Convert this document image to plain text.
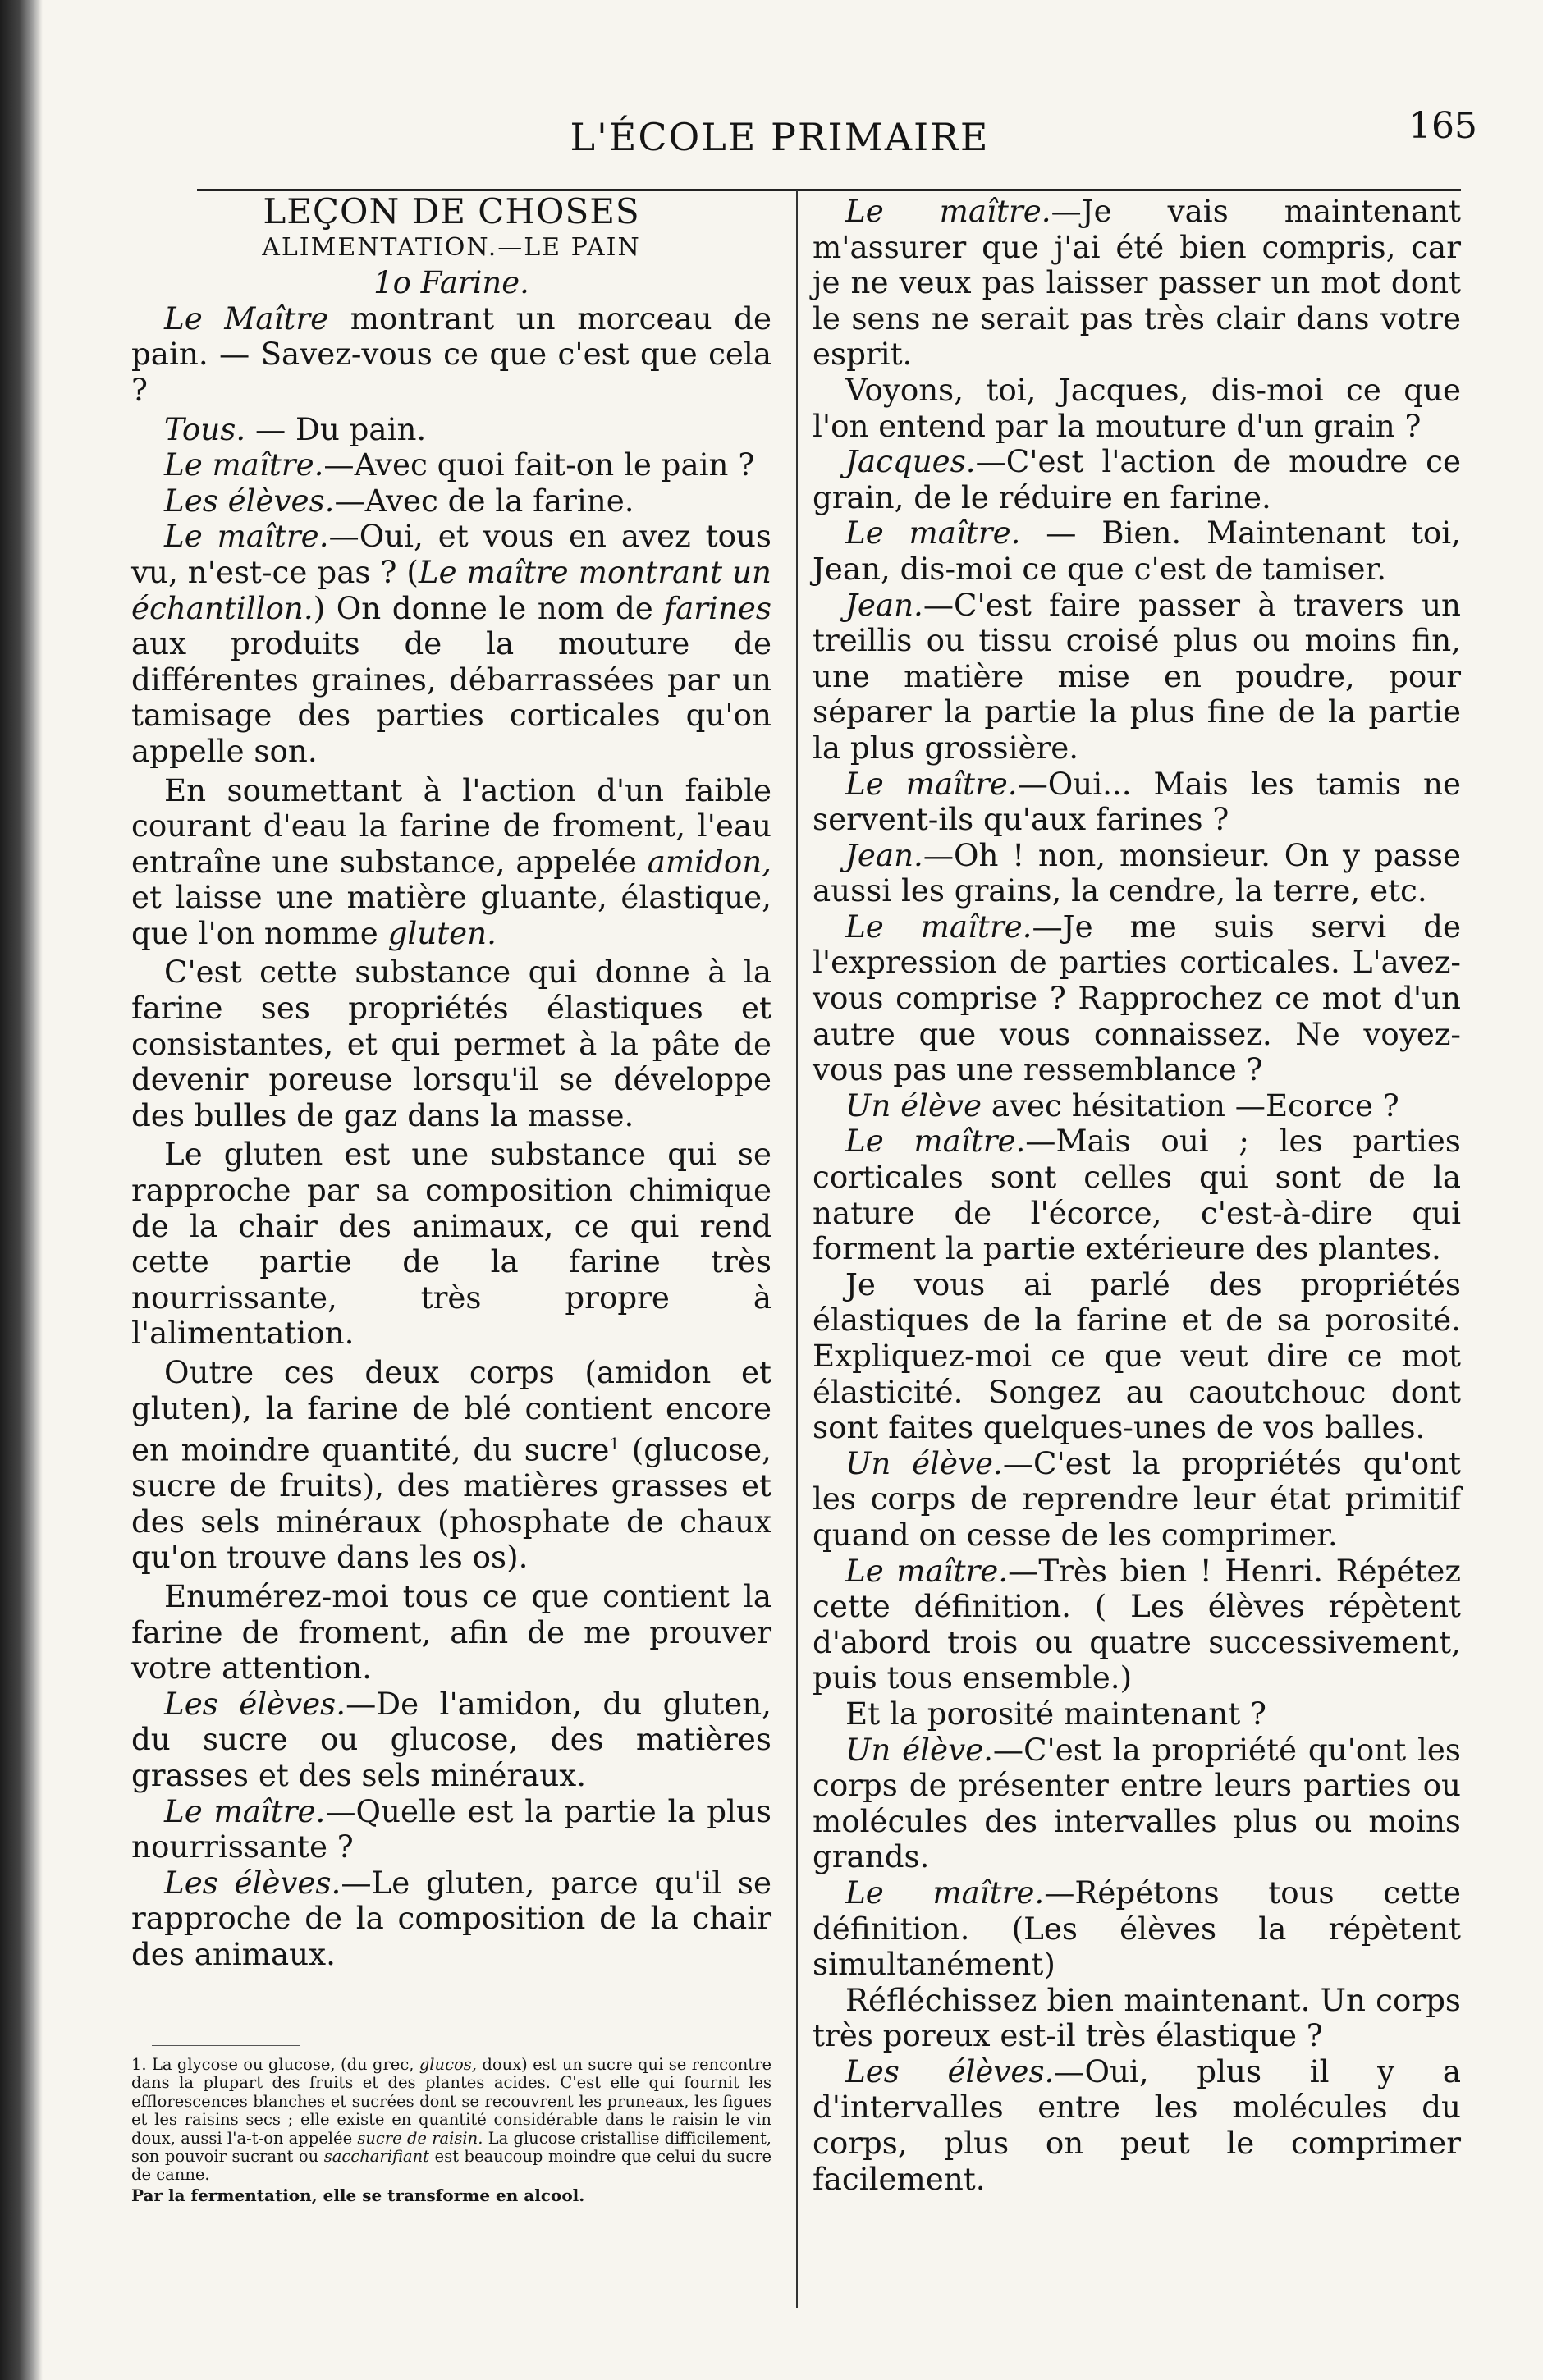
L'ÉCOLE PRIMAIRE	165

LEÇON DE CHOSES

ALIMENTATION.—LE PAIN

1o Farine.

Le Maître montrant un morceau de pain. — Savez-vous ce que c'est que cela ?

Tous. — Du pain.

Le maître.—Avec quoi fait-on le pain ?

Les élèves.—Avec de la farine.

Le maître.—Oui, et vous en avez tous vu, n'est-ce pas ? (Le maître montrant un échantillon.) On donne le nom de farines aux produits de la mouture de différentes graines, débarrassées par un tamisage des parties corticales qu'on appelle son.

En soumettant à l'action d'un faible courant d'eau la farine de froment, l'eau entraîne une substance, appelée amidon, et laisse une matière gluante, élastique, que l'on nomme gluten.

C'est cette substance qui donne à la farine ses propriétés élastiques et consistantes, et qui permet à la pâte de devenir poreuse lorsqu'il se développe des bulles de gaz dans la masse.

Le gluten est une substance qui se rapproche par sa composition chimique de la chair des animaux, ce qui rend cette partie de la farine très nourrissante, très propre à l'alimentation.

Outre ces deux corps (amidon et gluten), la farine de blé contient encore en moindre quantité, du sucre$^1$ (glucose, sucre de fruits), des matières grasses et des sels minéraux (phosphate de chaux qu'on trouve dans les os).

Enumérez-moi tous ce que contient la farine de froment, afin de me prouver votre attention.

Les élèves.—De l'amidon, du gluten, du sucre ou glucose, des matières grasses et des sels minéraux.

Le maître.—Quelle est la partie la plus nourrissante ?

Les élèves.—Le gluten, parce qu'il se rapproche de la composition de la chair des animaux.

1. La glycose ou glucose, (du grec, glucos, doux) est un sucre qui se rencontre dans la plupart des fruits et des plantes acides. C'est elle qui fournit les efflorescences blanches et sucrées dont se recouvrent les pruneaux, les figues et les raisins secs ; elle existe en quantité considérable dans le raisin le vin doux, aussi l'a-t-on appelée sucre de raisin. La glucose cristallise difficilement, son pouvoir sucrant ou saccharifiant est beaucoup moindre que celui du sucre de canne.

Par la fermentation, elle se transforme en alcool.

Le maître.—Je vais maintenant m'assurer que j'ai été bien compris, car je ne veux pas laisser passer un mot dont le sens ne serait pas très clair dans votre esprit.

Voyons, toi, Jacques, dis-moi ce que l'on entend par la mouture d'un grain ?

Jacques.—C'est l'action de moudre ce grain, de le réduire en farine.

Le maître. — Bien. Maintenant toi, Jean, dis-moi ce que c'est de tamiser.

Jean.—C'est faire passer à travers un treillis ou tissu croisé plus ou moins fin, une matière mise en poudre, pour séparer la partie la plus fine de la partie la plus grossière.

Le maître.—Oui... Mais les tamis ne servent-ils qu'aux farines ?

Jean.—Oh ! non, monsieur. On y passe aussi les grains, la cendre, la terre, etc.

Le maître.—Je me suis servi de l'expression de parties corticales. L'avez-vous comprise ? Rapprochez ce mot d'un autre que vous connaissez. Ne voyez-vous pas une ressemblance ?

Un élève avec hésitation —Ecorce ?

Le maître.—Mais oui ; les parties corticales sont celles qui sont de la nature de l'écorce, c'est-à-dire qui forment la partie extérieure des plantes.

Je vous ai parlé des propriétés élastiques de la farine et de sa porosité. Expliquez-moi ce que veut dire ce mot élasticité. Songez au caoutchouc dont sont faites quelques-unes de vos balles.

Un élève.—C'est la propriétés qu'ont les corps de reprendre leur état primitif quand on cesse de les comprimer.

Le maître.—Très bien ! Henri. Répétez cette définition. ( Les élèves répètent d'abord trois ou quatre successivement, puis tous ensemble.)

Et la porosité maintenant ?

Un élève.—C'est la propriété qu'ont les corps de présenter entre leurs parties ou molécules des intervalles plus ou moins grands.

Le maître.—Répétons tous cette définition. (Les élèves la répètent simultanément)

Réfléchissez bien maintenant. Un corps très poreux est-il très élastique ?

Les élèves.—Oui, plus il y a d'intervalles entre les molécules du corps, plus on peut le comprimer facilement.
